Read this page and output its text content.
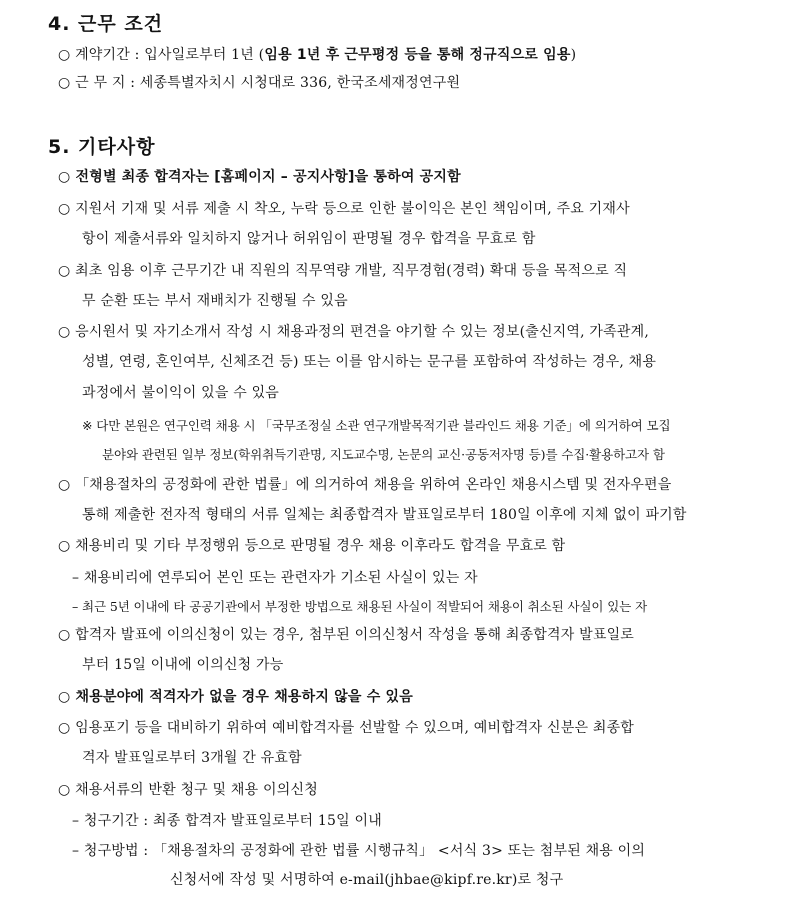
4. 근무 조건
○ 계약기간 : 입사일로부터 1년 (임용 1년 후 근무평정 등을 통해 정규직으로 임용)
○ 근 무 지 : 세종특별자치시 시청대로 336, 한국조세재정연구원
5. 기타사항
○ 전형별 최종 합격자는 [홈페이지 – 공지사항]을 통하여 공지함
○ 지원서 기재 및 서류 제출 시 착오, 누락 등으로 인한 불이익은 본인 책임이며, 주요 기재사
항이 제출서류와 일치하지 않거나 허위임이 판명될 경우 합격을 무효로 함
○ 최초 임용 이후 근무기간 내 직원의 직무역량 개발, 직무경험(경력) 확대 등을 목적으로 직
무 순환 또는 부서 재배치가 진행될 수 있음
○ 응시원서 및 자기소개서 작성 시 채용과정의 편견을 야기할 수 있는 정보(출신지역, 가족관계,
성별, 연령, 혼인여부, 신체조건 등) 또는 이를 암시하는 문구를 포함하여 작성하는 경우, 채용
과정에서 불이익이 있을 수 있음
※ 다만 본원은 연구인력 채용 시 「국무조정실 소관 연구개발목적기관 블라인드 채용 기준」에 의거하여 모집
분야와 관련된 일부 정보(학위취득기관명, 지도교수명, 논문의 교신·공동저자명 등)를 수집·활용하고자 함
○ 「채용절차의 공정화에 관한 법률」에 의거하여 채용을 위하여 온라인 채용시스템 및 전자우편을
통해 제출한 전자적 형태의 서류 일체는 최종합격자 발표일로부터 180일 이후에 지체 없이 파기함
○ 채용비리 및 기타 부정행위 등으로 판명될 경우 채용 이후라도 합격을 무효로 함
– 채용비리에 연루되어 본인 또는 관련자가 기소된 사실이 있는 자
– 최근 5년 이내에 타 공공기관에서 부정한 방법으로 채용된 사실이 적발되어 채용이 취소된 사실이 있는 자
○ 합격자 발표에 이의신청이 있는 경우, 첨부된 이의신청서 작성을 통해 최종합격자 발표일로
부터 15일 이내에 이의신청 가능
○ 채용분야에 적격자가 없을 경우 채용하지 않을 수 있음
○ 임용포기 등을 대비하기 위하여 예비합격자를 선발할 수 있으며, 예비합격자 신분은 최종합
격자 발표일로부터 3개월 간 유효함
○ 채용서류의 반환 청구 및 채용 이의신청
– 청구기간 : 최종 합격자 발표일로부터 15일 이내
– 청구방법 : 「채용절차의 공정화에 관한 법률 시행규칙」 <서식 3> 또는 첨부된 채용 이의
신청서에 작성 및 서명하여 e-mail(jhbae@kipf.re.kr)로 청구
